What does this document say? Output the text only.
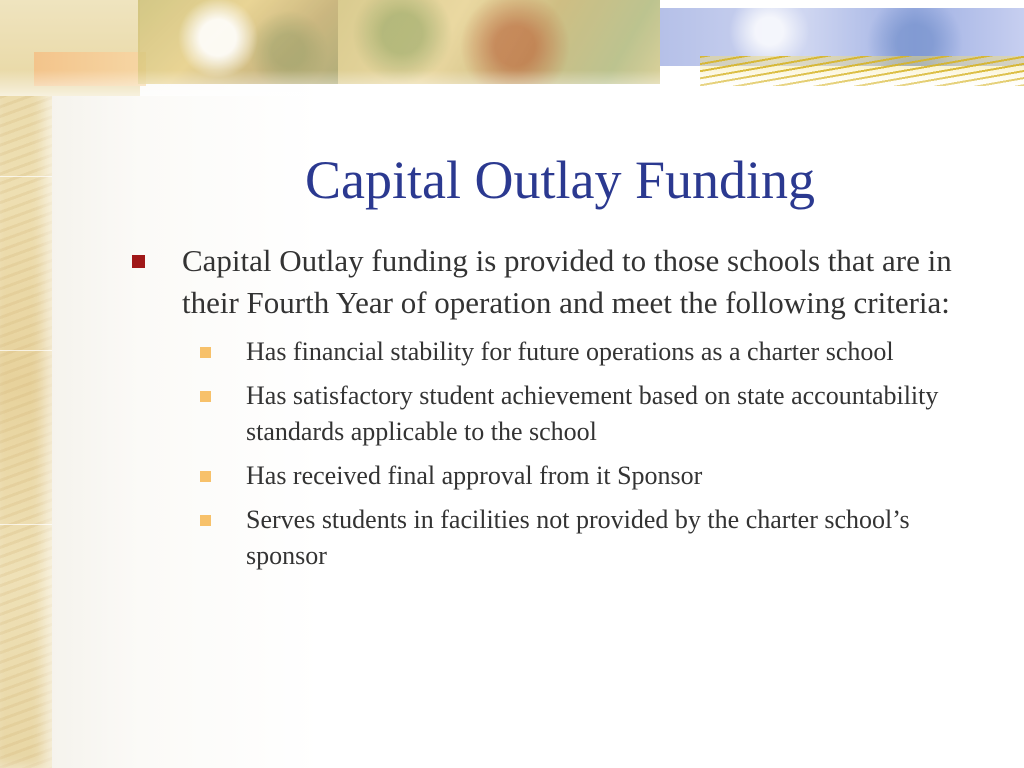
Capital Outlay Funding

Capital Outlay funding is provided to those schools that are in their Fourth Year of operation and meet the following criteria:

Has financial stability for future operations as a charter school
Has satisfactory student achievement based on state accountability standards applicable to the school
Has received final approval from it Sponsor
Serves students in facilities not provided by the charter school’s sponsor
